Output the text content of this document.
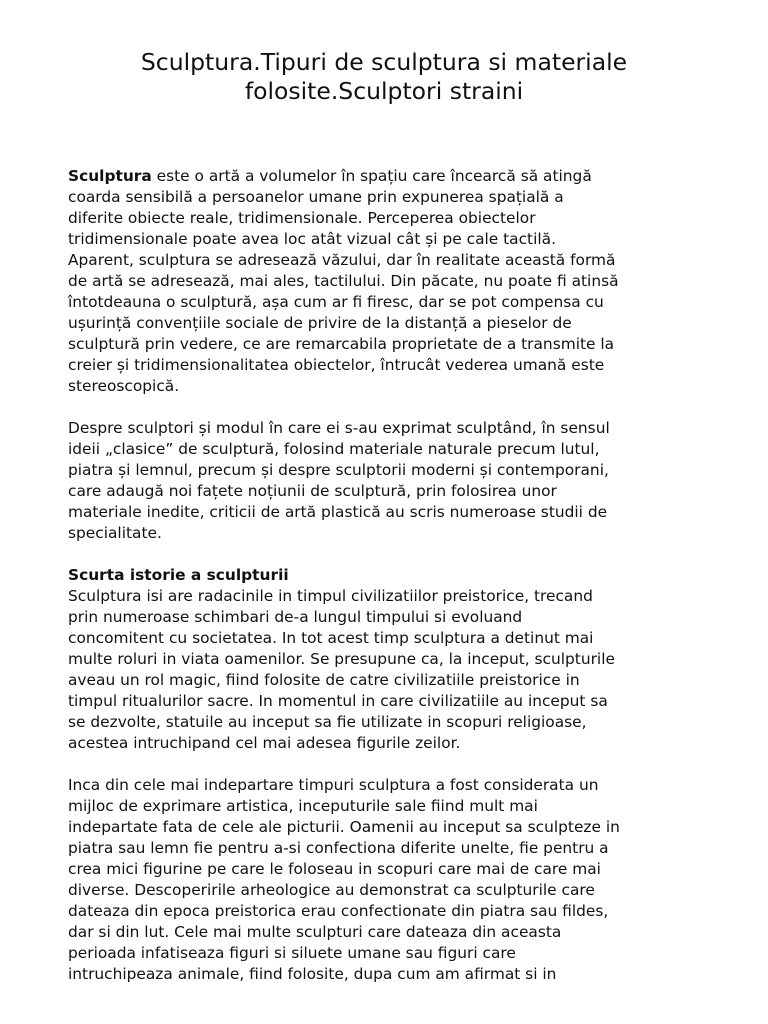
Sculptura.Tipuri de sculptura si materiale
folosite.Sculptori straini
Sculptura este o artă a volumelor în spațiu care încearcă să atingă
coarda sensibilă a persoanelor umane prin expunerea spațială a
diferite obiecte reale, tridimensionale. Perceperea obiectelor
tridimensionale poate avea loc atât vizual cât și pe cale tactilă.
Aparent, sculptura se adresează văzului, dar în realitate această formă
de artă se adresează, mai ales, tactilului. Din păcate, nu poate fi atinsă
întotdeauna o sculptură, așa cum ar fi firesc, dar se pot compensa cu
ușurință convențiile sociale de privire de la distanță a pieselor de
sculptură prin vedere, ce are remarcabila proprietate de a transmite la
creier și tridimensionalitatea obiectelor, întrucât vederea umană este
stereoscopică.
Despre sculptori și modul în care ei s-au exprimat sculptând, în sensul
ideii „clasice” de sculptură, folosind materiale naturale precum lutul,
piatra și lemnul, precum și despre sculptorii moderni și contemporani,
care adaugă noi fațete noțiunii de sculptură, prin folosirea unor
materiale inedite, criticii de artă plastică au scris numeroase studii de
specialitate.
Scurta istorie a sculpturii
Sculptura isi are radacinile in timpul civilizatiilor preistorice, trecand
prin numeroase schimbari de-a lungul timpului si evoluand
concomitent cu societatea. In tot acest timp sculptura a detinut mai
multe roluri in viata oamenilor. Se presupune ca, la inceput, sculpturile
aveau un rol magic, fiind folosite de catre civilizatiile preistorice in
timpul ritualurilor sacre. In momentul in care civilizatiile au inceput sa
se dezvolte, statuile au inceput sa fie utilizate in scopuri religioase,
acestea intruchipand cel mai adesea figurile zeilor.
Inca din cele mai indepartare timpuri sculptura a fost considerata un
mijloc de exprimare artistica, inceputurile sale fiind mult mai
indepartate fata de cele ale picturii. Oamenii au inceput sa sculpteze in
piatra sau lemn fie pentru a-si confectiona diferite unelte, fie pentru a
crea mici figurine pe care le foloseau in scopuri care mai de care mai
diverse. Descoperirile arheologice au demonstrat ca sculpturile care
dateaza din epoca preistorica erau confectionate din piatra sau fildes,
dar si din lut. Cele mai multe sculpturi care dateaza din aceasta
perioada infatiseaza figuri si siluete umane sau figuri care
intruchipeaza animale, fiind folosite, dupa cum am afirmat si in
